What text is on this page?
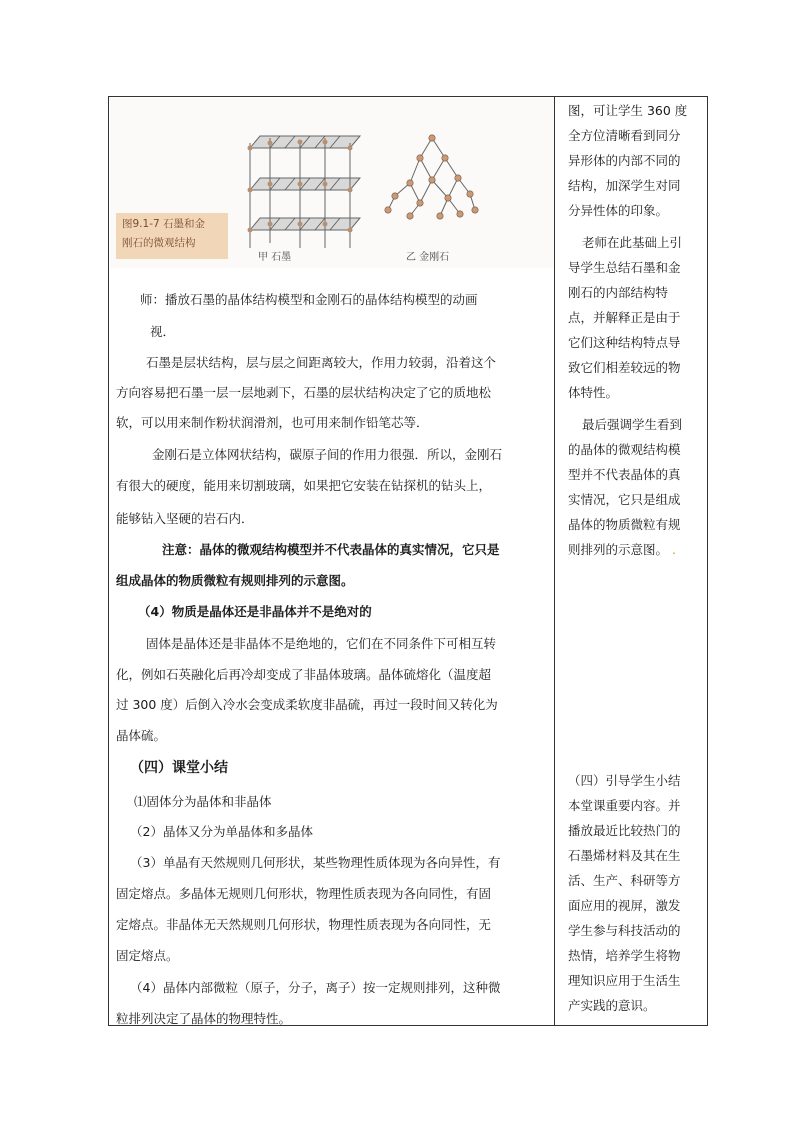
图9.1-7 石墨和金
刚石的微观结构
甲 石墨	乙 金刚石
师：播放石墨的晶体结构模型和金刚石的晶体结构模型的动画
视．
石墨是层状结构，层与层之间距离较大，作用力较弱，沿着这个
方向容易把石墨一层一层地剥下，石墨的层状结构决定了它的质地松
软，可以用来制作粉状润滑剂，也可用来制作铅笔芯等．
金刚石是立体网状结构，碳原子间的作用力很强．所以，金刚石
有很大的硬度，能用来切割玻璃，如果把它安装在钻探机的钻头上，
能够钻入坚硬的岩石内．
注意：晶体的微观结构模型并不代表晶体的真实情况，它只是
组成晶体的物质微粒有规则排列的示意图。
（4）物质是晶体还是非晶体并不是绝对的
固体是晶体还是非晶体不是绝地的，它们在不同条件下可相互转
化，例如石英融化后再冷却变成了非晶体玻璃。晶体硫熔化（温度超
过 300 度）后倒入冷水会变成柔软度非晶硫，再过一段时间又转化为
晶体硫。
（四）课堂小结
⑴固体分为晶体和非晶体
（2）晶体又分为单晶体和多晶体
（3）单晶有天然规则几何形状，某些物理性质体现为各向异性，有
固定熔点。多晶体无规则几何形状，物理性质表现为各向同性，有固
定熔点。非晶体无天然规则几何形状，物理性质表现为各向同性，无
固定熔点。
（4）晶体内部微粒（原子，分子，离子）按一定规则排列，这种微
粒排列决定了晶体的物理特性。
图，可让学生 360 度
全方位清晰看到同分
异形体的内部不同的
结构，加深学生对同
分异性体的印象。
老师在此基础上引
导学生总结石墨和金
刚石的内部结构特
点，并解释正是由于
它们这种结构特点导
致它们相差较远的物
体特性。
最后强调学生看到
的晶体的微观结构模
型并不代表晶体的真
实情况，它只是组成
晶体的物质微粒有规
则排列的示意图。 .
（四）引导学生小结
本堂课重要内容。并
播放最近比较热门的
石墨烯材料及其在生
活、生产、科研等方
面应用的视屏，激发
学生参与科技活动的
热情，培养学生将物
理知识应用于生活生
产实践的意识。
